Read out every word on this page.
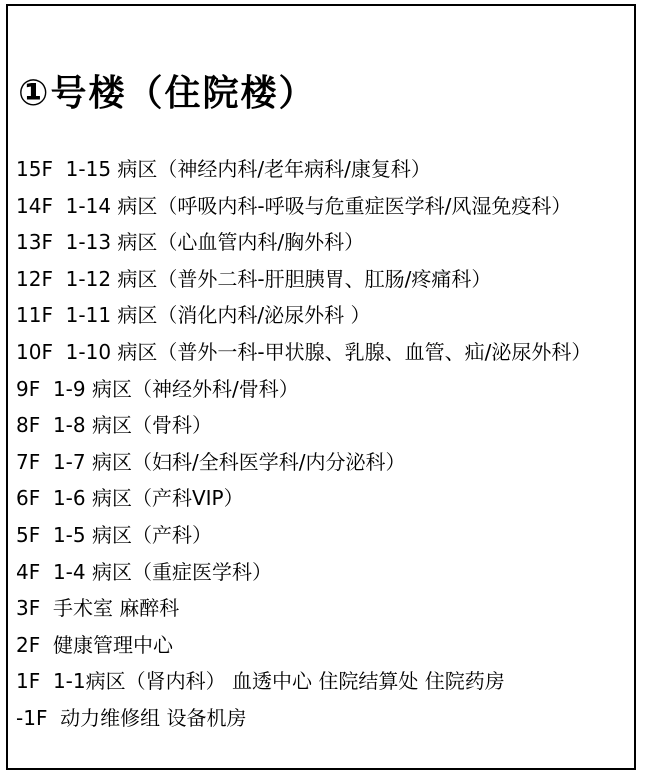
①号楼（住院楼）
15F 1-15 病区（神经内科/老年病科/康复科）
14F 1-14 病区（呼吸内科-呼吸与危重症医学科/风湿免疫科）
13F 1-13 病区（心血管内科/胸外科）
12F 1-12 病区（普外二科-肝胆胰胃、肛肠/疼痛科）
11F 1-11 病区（消化内科/泌尿外科 ）
10F 1-10 病区（普外一科-甲状腺、乳腺、血管、疝/泌尿外科）
9F 1-9 病区（神经外科/骨科）
8F 1-8 病区（骨科）
7F 1-7 病区（妇科/全科医学科/内分泌科）
6F 1-6 病区（产科VIP）
5F 1-5 病区（产科）
4F 1-4 病区（重症医学科）
3F 手术室 麻醉科
2F 健康管理中心
1F 1-1病区（肾内科） 血透中心 住院结算处 住院药房
-1F 动力维修组 设备机房
